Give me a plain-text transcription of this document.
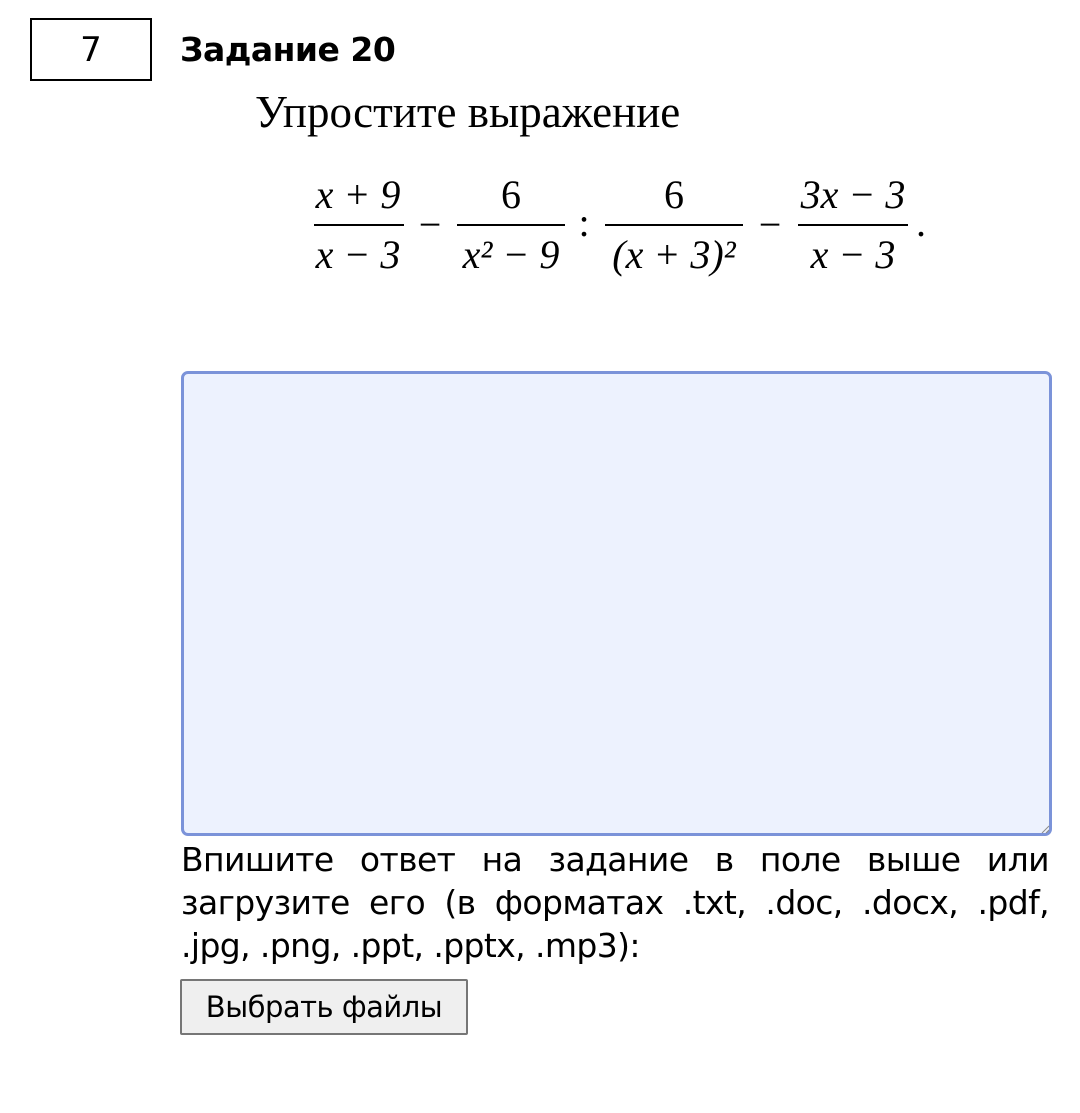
7	Задание 20
Упростите выражение
x + 9
x − 3
−
6
x² − 9
:
6
(x + 3)²
−
3x − 3
x − 3
.
Впишите ответ на задание в поле выше или загрузите его (в форматах .txt, .doc, .docx, .pdf, .jpg, .png, .ppt, .pptx, .mp3):
Выбрать файлы
